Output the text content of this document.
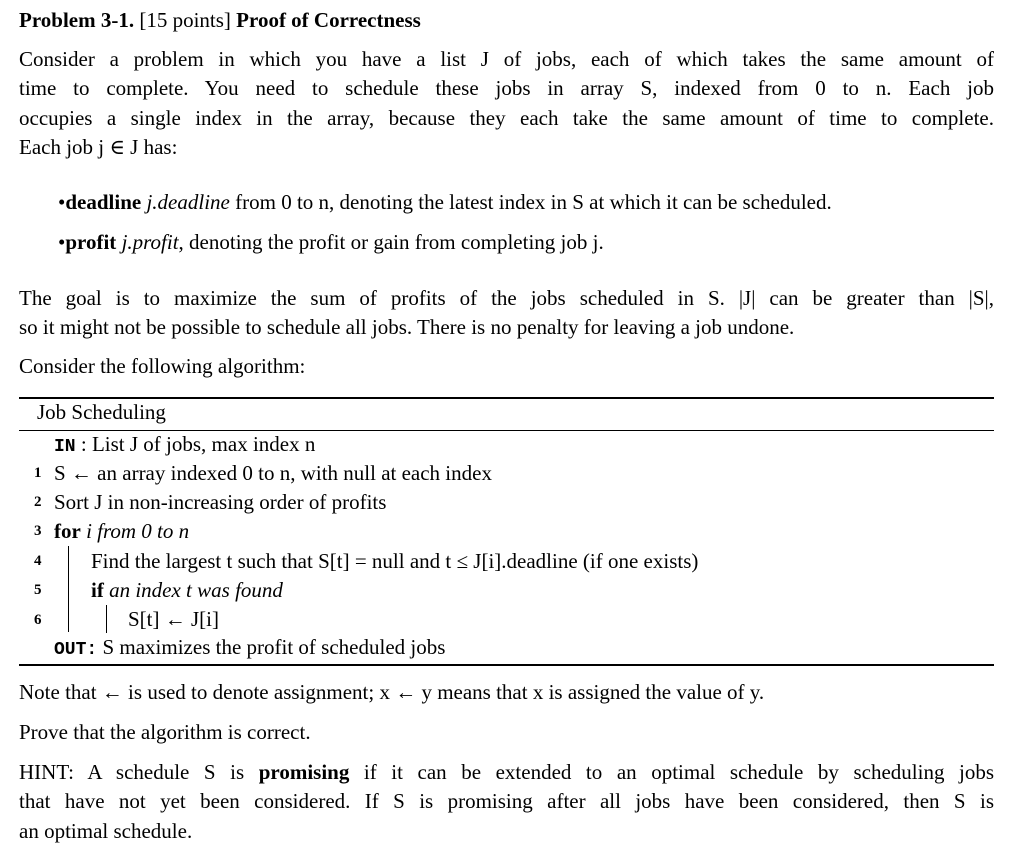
Problem 3-1. [15 points] Proof of Correctness
Consider a problem in which you have a list J of jobs, each of which takes the same amount of
time to complete. You need to schedule these jobs in array S, indexed from 0 to n. Each job
occupies a single index in the array, because they each take the same amount of time to complete.
Each job j ∈ J has:
•deadline j.deadline from 0 to n, denoting the latest index in S at which it can be scheduled.
•profit j.profit, denoting the profit or gain from completing job j.
The goal is to maximize the sum of profits of the jobs scheduled in S. |J| can be greater than |S|,
so it might not be possible to schedule all jobs. There is no penalty for leaving a job undone.
Consider the following algorithm:
Job Scheduling
IN : List J of jobs, max index n
1 S ← an array indexed 0 to n, with null at each index
2 Sort J in non-increasing order of profits
3 for i from 0 to n
4 Find the largest t such that S[t] = null and t ≤ J[i].deadline (if one exists)
5 if an index t was found
6	S[t] ← J[i]
OUT: S maximizes the profit of scheduled jobs
Note that ← is used to denote assignment; x ← y means that x is assigned the value of y.
Prove that the algorithm is correct.
HINT: A schedule S is promising if it can be extended to an optimal schedule by scheduling jobs
that have not yet been considered. If S is promising after all jobs have been considered, then S is
an optimal schedule.
